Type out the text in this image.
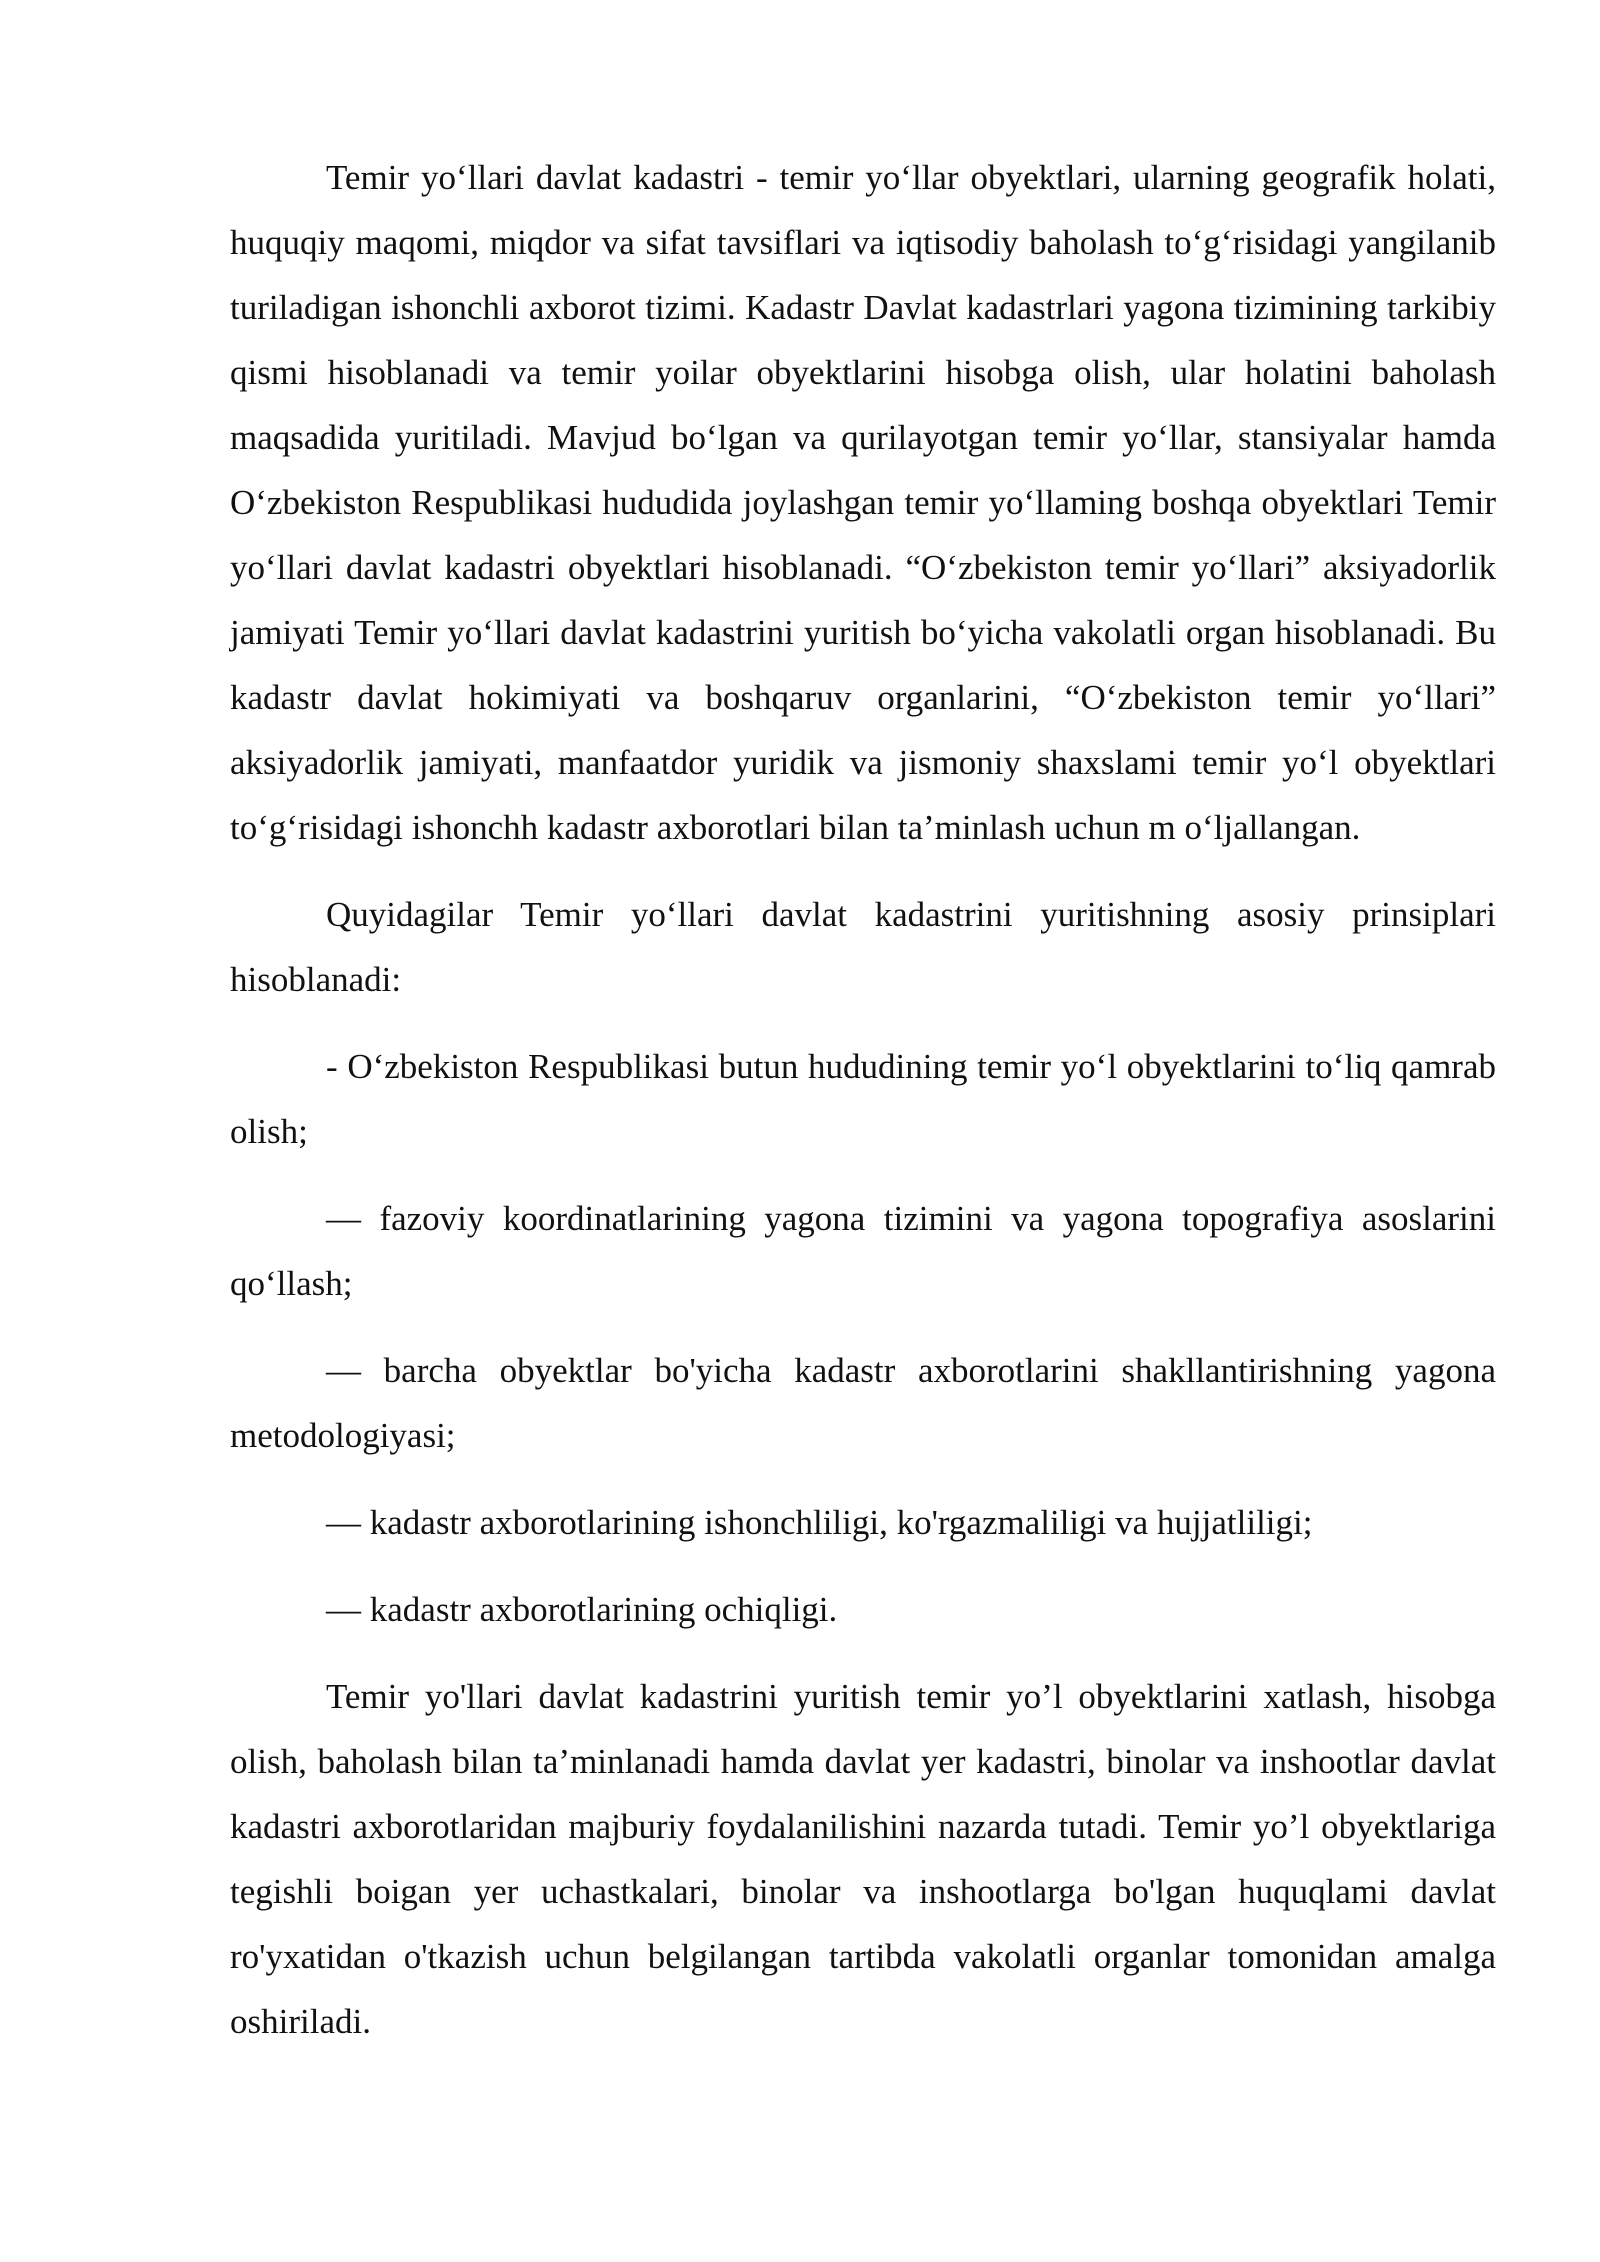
Temir yo‘llari davlat kadastri - temir yo‘llar obyektlari, ularning geografik holati, huquqiy maqomi, miqdor va sifat tavsiflari va iqtisodiy baholash to‘g‘risidagi yangilanib turiladigan ishonchli axborot tizimi. Kadastr Davlat kadastrlari yagona tizimining tarkibiy qismi hisoblanadi va temir yoilar obyektlarini hisobga olish, ular holatini baholash maqsadida yuritiladi. Mavjud bo‘lgan va qurilayotgan temir yo‘llar, stansiyalar hamda O‘zbekiston Respublikasi hududida joylashgan temir yo‘llaming boshqa obyektlari Temir yo‘llari davlat kadastri obyektlari hisoblanadi. “O‘zbekiston temir yo‘llari” aksiyadorlik jamiyati Temir yo‘llari davlat kadastrini yuritish bo‘yicha vakolatli organ hisoblanadi. Bu kadastr davlat hokimiyati va boshqaruv organlarini, “O‘zbekiston temir yo‘llari” aksiyadorlik jamiyati, manfaatdor yuridik va jismoniy shaxslami temir yo‘l obyektlari to‘g‘risidagi ishonchh kadastr axborotlari bilan ta’minlash uchun m o‘ljallangan.

Quyidagilar Temir yo‘llari davlat kadastrini yuritishning asosiy prinsiplari hisoblanadi:

- O‘zbekiston Respublikasi butun hududining temir yo‘l obyektlarini to‘liq qamrab olish;

— fazoviy koordinatlarining yagona tizimini va yagona topografiya asoslarini qo‘llash;

— barcha obyektlar bo'yicha kadastr axborotlarini shakllantirishning yagona metodologiyasi;

— kadastr axborotlarining ishonchliligi, ko'rgazmaliligi va hujjatliligi;

— kadastr axborotlarining ochiqligi.

Temir yo'llari davlat kadastrini yuritish temir yo’l obyektlarini xatlash, hisobga olish, baholash bilan ta’minlanadi hamda davlat yer kadastri, binolar va inshootlar davlat kadastri axborotlaridan majburiy foydalanilishini nazarda tutadi. Temir yo’l obyektlariga tegishli boigan yer uchastkalari, binolar va inshootlarga bo'lgan huquqlami davlat ro'yxatidan o'tkazish uchun belgilangan tartibda vakolatli organlar tomonidan amalga oshiriladi.
